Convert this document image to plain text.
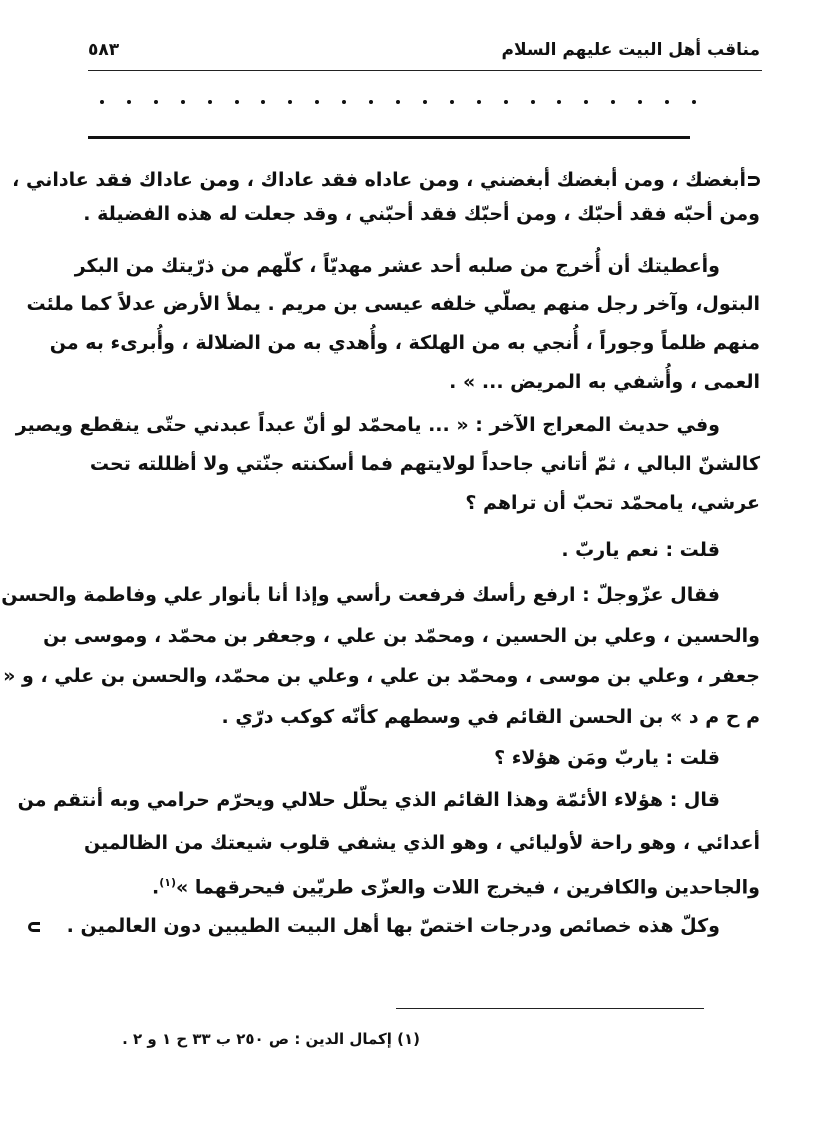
مناقب أهل البيت عليهم السلام
٥٨٣
أبغضك ، ومن أبغضك أبغضني ، ومن عاداه فقد عاداك ، ومن عاداك فقد عاداني ،
ومن أحبّه فقد أحبّك ، ومن أحبّك فقد أحبّني ، وقد جعلت له هذه الفضيلة .
وأعطيتك أن أُخرج من صلبه أحد عشر مهديّاً ، كلّهم من ذرّيتك من البكر
البتول، وآخر رجل منهم يصلّي خلفه عيسى بن مريم . يملأ الأرض عدلاً كما ملئت
منهم ظلماً وجوراً ، أُنجي به من الهلكة ، وأُهدي به من الضلالة ، وأُبرىء به من
العمى ، وأُشفي به المريض ... » .
وفي حديث المعراج الآخر : « ... يامحمّد لو أنّ عبداً عبدني حتّى ينقطع ويصير
كالشنّ البالي ، ثمّ أتاني جاحداً لولايتهم فما أسكنته جنّتي ولا أظللته تحت
عرشي، يامحمّد تحبّ أن تراهم ؟
قلت : نعم ياربّ .
فقال عزّوجلّ : ارفع رأسك فرفعت رأسي وإذا أنا بأنوار علي وفاطمة والحسن
والحسين ، وعلي بن الحسين ، ومحمّد بن علي ، وجعفر بن محمّد ، وموسى بن
جعفر ، وعلي بن موسى ، ومحمّد بن علي ، وعلي بن محمّد، والحسن بن علي ، و «
م ح م د » بن الحسن القائم في وسطهم كأنّه كوكب درّي .
قلت : ياربّ ومَن هؤلاء ؟
قال : هؤلاء الأئمّة وهذا القائم الذي يحلّل حلالي ويحرّم حرامي وبه أنتقم من
أعدائي ، وهو راحة لأوليائي ، وهو الذي يشفي قلوب شيعتك من الظالمين
والجاحدين والكافرين ، فيخرج اللات والعزّى طريّين فيحرقهما »$^{(١)}$.
وكلّ هذه خصائص ودرجات اختصّ بها أهل البيت الطيبين دون العالمين .
(١) إكمال الدين : ص ٢٥٠ ب ٣٣ ح ١ و ٢ .
